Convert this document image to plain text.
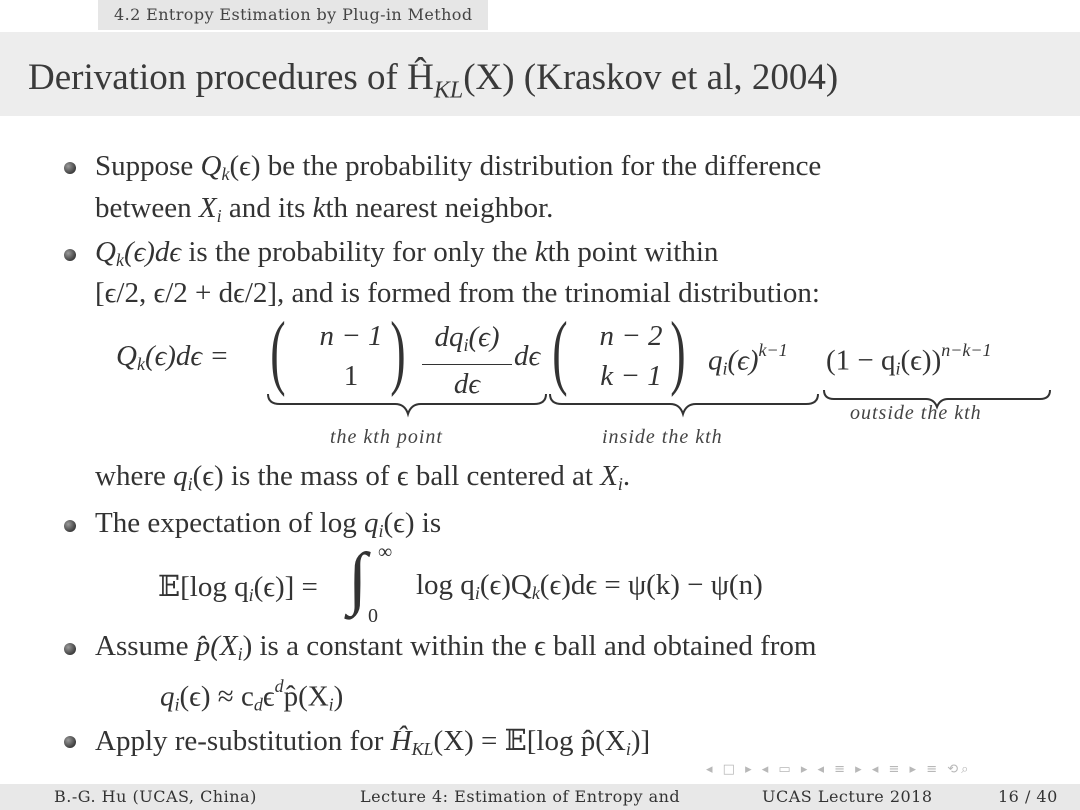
4.2 Entropy Estimation by Plug-in Method
Derivation procedures of $Ĥ_{KL}(X)$ (Kraskov et al, 2004)
Suppose Qk(ϵ) be the probability distribution for the difference
between Xi and its kth nearest neighbor.
Qk(ϵ)dϵ is the probability for only the kth point within
[ϵ/2, ϵ/2 + dϵ/2], and is formed from the trinomial distribution:
Qk(ϵ)dϵ = (	n − 1
1 ) dqi(ϵ)
dϵ
dϵ (	n − 2
k − 1 ) $qi(\epsilon)^{k-1}$ $(1 - qi(\epsilon))^{n-k-1}$
the kth point	inside the kth
outside the kth
where qi(ϵ) is the mass of ϵ ball centered at Xi.
The expectation of log qi(ϵ) is
𝔼[log qi(ϵ)] = ∫ ∞
0
log qi(ϵ)Qk(ϵ)dϵ = ψ(k) − ψ(n)
Assume p̂(Xi) is a constant within the ϵ ball and obtained from
qi(ϵ) ≈ cdϵ$^d$p̂(Xi)
Apply re-substitution for ĤKL(X) = 𝔼[log p̂(Xi)]
◂ □ ▸ ◂ ▭ ▸ ◂ ≡ ▸ ◂ ≡ ▸ ≡ ⟲⌕
B.-G. Hu (UCAS, China)	Lecture 4: Estimation of Entropy and	UCAS Lecture 2018	16 / 40
